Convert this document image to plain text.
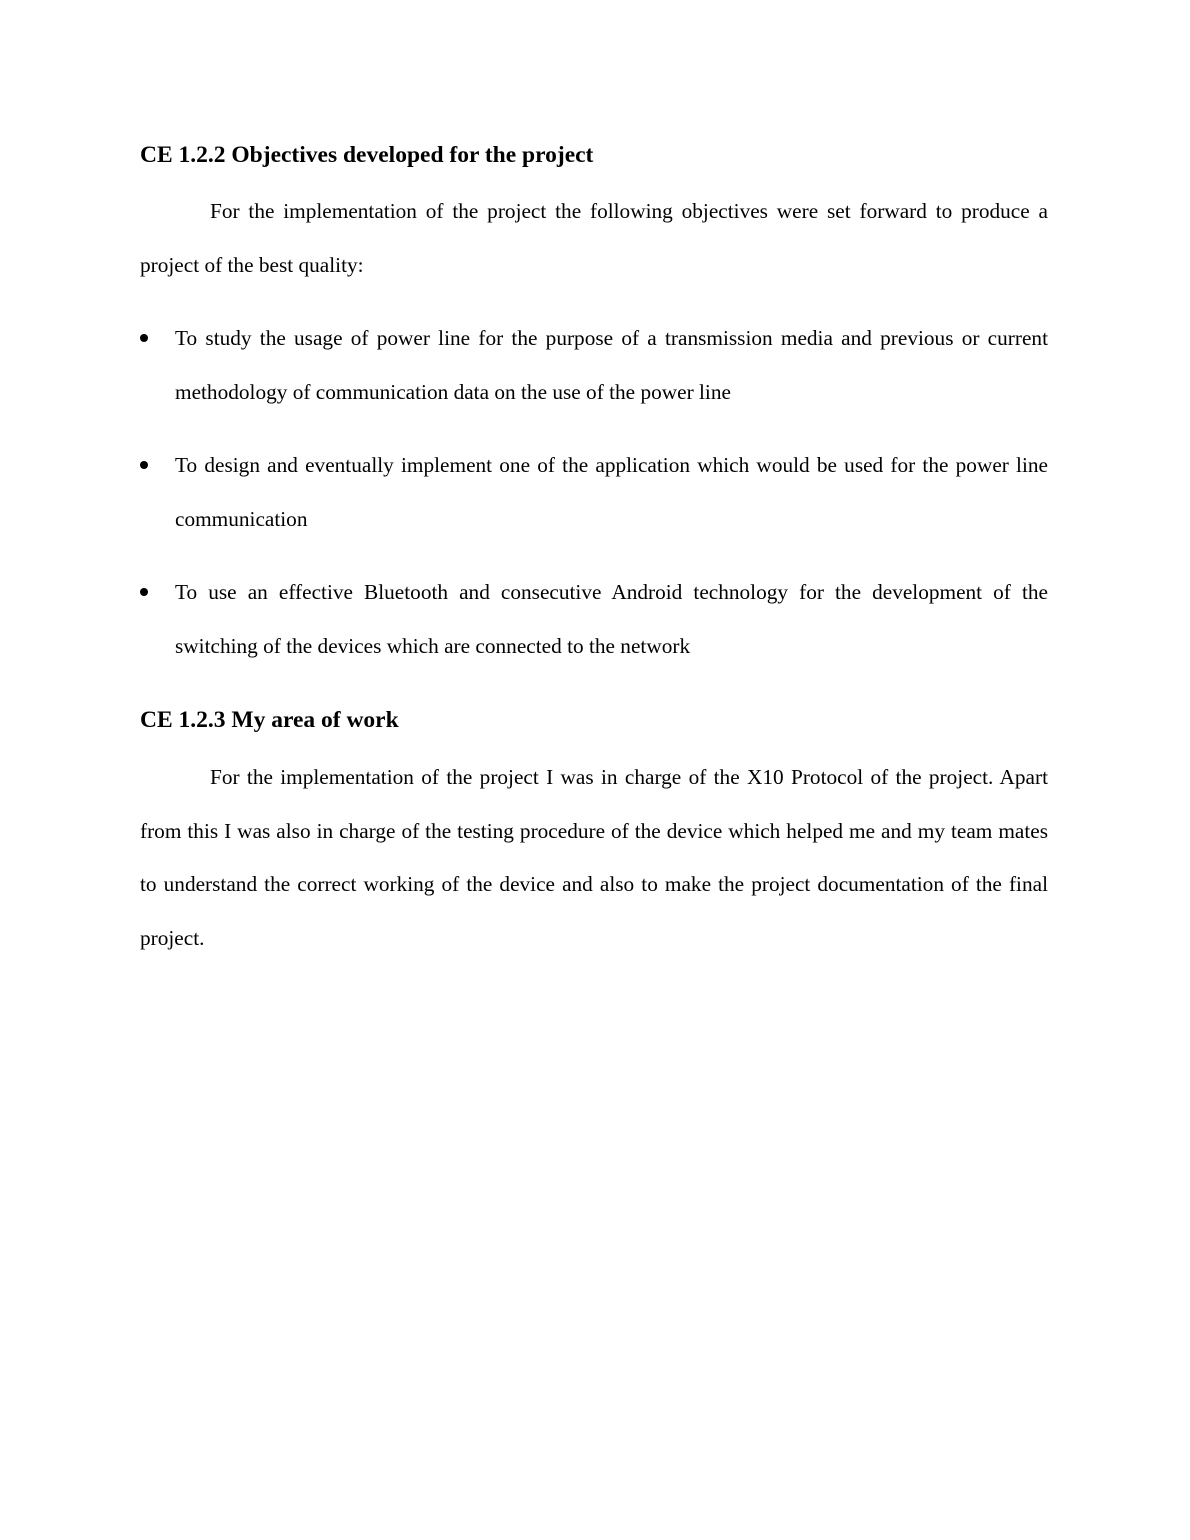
CE 1.2.2 Objectives developed for the project

For the implementation of the project the following objectives were set forward to produce a project of the best quality:

To study the usage of power line for the purpose of a transmission media and previous or current methodology of communication data on the use of the power line

To design and eventually implement one of the application which would be used for the power line communication

To use an effective Bluetooth and consecutive Android technology for the development of the switching of the devices which are connected to the network

CE 1.2.3 My area of work

For the implementation of the project I was in charge of the X10 Protocol of the project. Apart from this I was also in charge of the testing procedure of the device which helped me and my team mates to understand the correct working of the device and also to make the project documentation of the final project.
